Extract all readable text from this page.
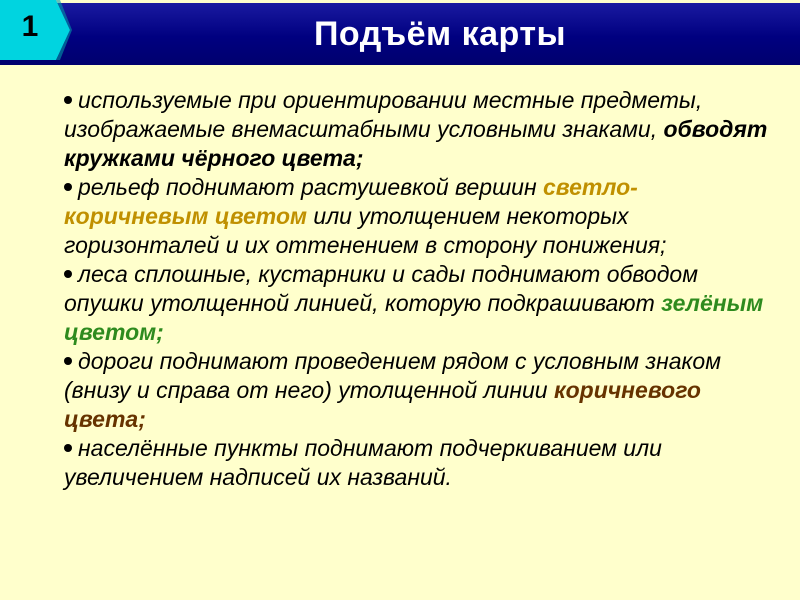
1	Подъём карты

используемые при ориентировании местные предметы, изображаемые внемасштабными условными знаками, обводят кружками чёрного цвета;

рельеф поднимают растушевкой вершин светло-коричневым цветом или утолщением некоторых горизонталей и их оттенением в сторону понижения;

леса сплошные, кустарники и сады поднимают обводом опушки утолщенной линией, которую подкрашивают зелёным цветом;

дороги поднимают проведением рядом с условным знаком (внизу и справа от него) утолщенной линии коричневого цвета;

населённые пункты поднимают подчеркиванием или увеличением надписей их названий.
